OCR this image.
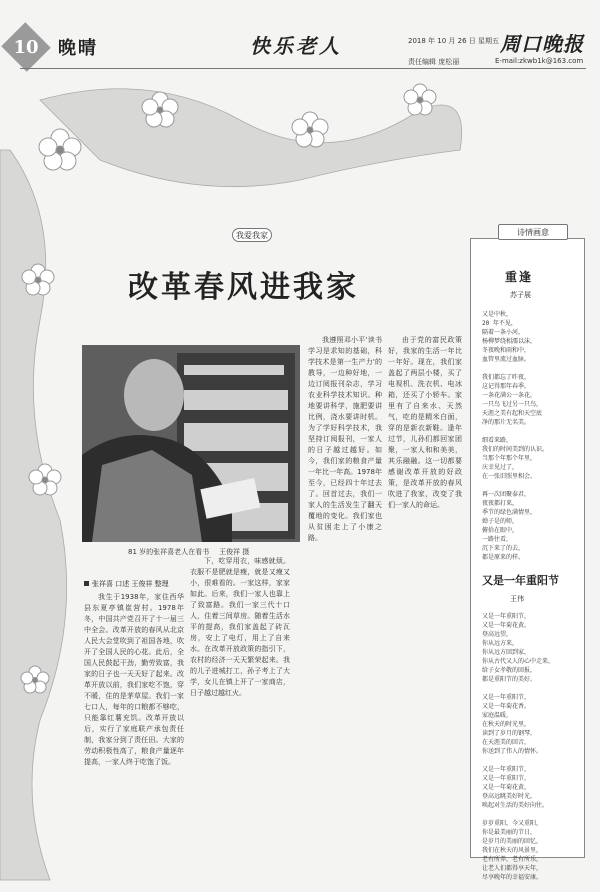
10	晚晴	快乐老人	2018 年 10 月 26 日 星期五 周口晚报
责任编辑 庞松丽	E-mail:zkwb1k@163.com
我爱我家
改革春风进我家
81 岁的张祥喜老人在看书 王俊祥 摄
张祥喜 口述 王俊祥 整理

我生于1938年，家住西华县东夏亭镇崔营村。1978年冬，中国共产党召开了十一届三中全会。改革开放的春风从北京人民大会堂吹到了祖国各地，吹开了全国人民的心花。此后，全国人民鼓起干劲，勤劳致富，我家的日子也一天天好了起来。改革开放以前，我们家吃不饱，穿不暖，住的是茅草屋。我们一家七口人，每年的口粮都不够吃，只能靠红薯充饥。改革开放以后，实行了家庭联产承包责任制，我家分到了责任田。大家的劳动积极性高了，粮食产量逐年提高，一家人终于吃饱了饭。

下，吃穿用衣，味感就烦。衣服不是肥就是瘦，就是又瘦又小，很难看的。一家这样，家家如此。后来，我们一家人也靠上了致富路。我们一家三代十口人，住着三间草房。随着生活水平的提高，我们家盖起了砖瓦房，安上了电灯，用上了自来水。在改革开放政策的指引下，农村的经济一天天繁荣起来。我的儿子进城打工，孙子考上了大学，女儿在镇上开了一家商店，日子越过越红火。

我遵照邓小平'读书学习是求知的基础，科学技术是第一生产力'的教导，一边种好地，一边订阅报刊杂志，学习农业科学技术知识。种地要讲科学，施肥要讲比例，浇水要讲时机。为了学好科学技术，我坚持订阅报刊，一家人的日子越过越好。如今，我们家的粮食产量一年比一年高。1978年至今，已经四十年过去了。回首过去，我们一家人的生活发生了翻天覆地的变化。我们家也从贫困走上了小康之路。

由于党的富民政策好，我家的生活一年比一年好。现在，我们家盖起了两层小楼，买了电视机、洗衣机、电冰箱，还买了小轿车。家里有了自来水、天然气，吃的是精米白面，穿的是新衣新鞋。逢年过节，儿孙们都回家团聚，一家人和和美美，其乐融融。这一切都要感谢改革开放的好政策，是改革开放的春风吹进了我家，改变了我们一家人的命运。

诗情画意
重逢
苏子展
又是中秋，
20 年不见，
隔着一条小河，
杨柳梦绕相濡以沫，
冬夜晚和雨和中，
血管里流过血脉。
我们都忘了昨夜，
这记得那年春季，
一条花满公一条花，
一只鸟飞过另一只鸟，
天涯之美有起和天空底
净的那片无名美。
细看来路，
我们的时间美到的认识。
当那个年那个年里，
庆幸见过了，
在一张旧照里相会。
再一次团聚泰君，
夜夜都打来，
季节的绿色满情里，
婵子是的师，
俯拾在眼中，
一路往看，
沉下来了的去，
都是原来的样。
又是一年重阳节
王伟
又是一年重阳节，
又是一年菊花黄。
登高远望，
你从远方来，
你从远方回到家，
你从古代又人的心中走来，
给子女孝敬的回报，
都是重阳节的美好。
又是一年重阳节，
又是一年菊花香。
家庭温暖，
在秋天的时光里，
读到了岁月的钢琴，
在天涯美的回音，
你送到了伟人的情怀。
又是一年重阳节，
又是一年重阳节，
又是一年菊花黄，
登高远眺美好时光，
唤起对生活的美好向往。
岁岁重阳，今又重阳，
你是最美丽的节日，
是岁月的美丽的回忆，
我们在秋天的风景里，
老有所养，老有所乐，
让老人们都得享天年，
尽享晚年的幸福安康。
